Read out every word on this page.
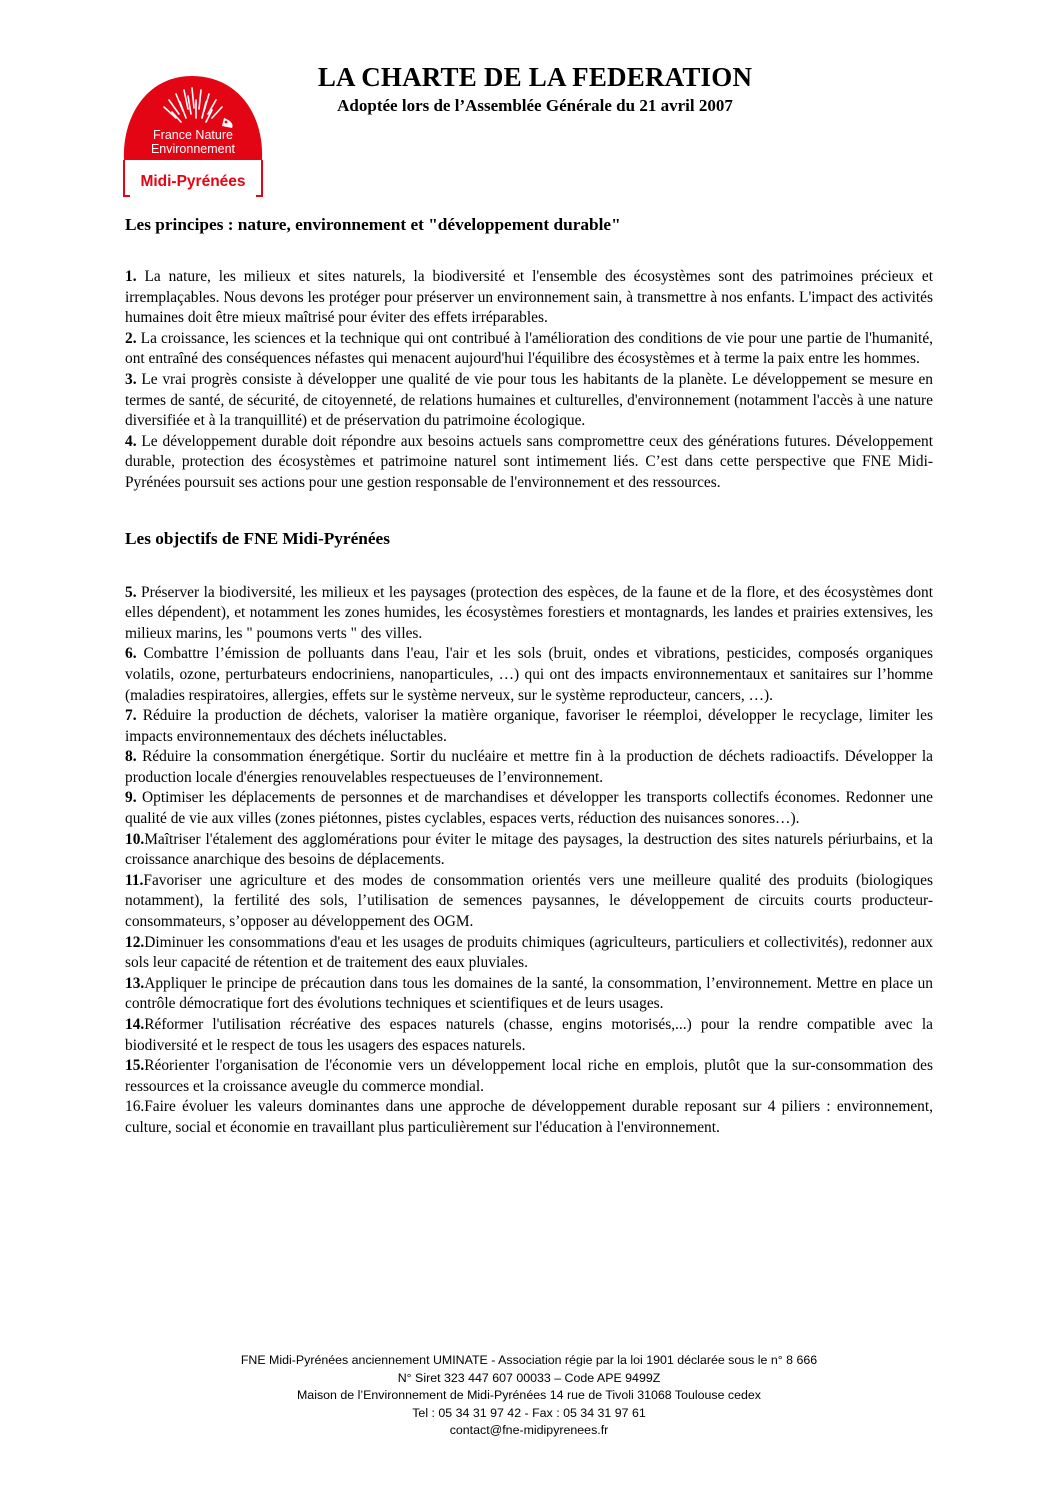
France Nature
Environnement
Midi-Pyrénées
LA CHARTE DE LA FEDERATION
Adoptée lors de l’Assemblée Générale du 21 avril 2007
Les principes : nature, environnement et "développement durable"

1. La nature, les milieux et sites naturels, la biodiversité et l'ensemble des écosystèmes sont des patrimoines précieux et irremplaçables. Nous devons les protéger pour préserver un environnement sain, à transmettre à nos enfants. L'impact des activités humaines doit être mieux maîtrisé pour éviter des effets irréparables.

2. La croissance, les sciences et la technique qui ont contribué à l'amélioration des conditions de vie pour une partie de l'humanité, ont entraîné des conséquences néfastes qui menacent aujourd'hui l'équilibre des écosystèmes et à terme la paix entre les hommes.

3. Le vrai progrès consiste à développer une qualité de vie pour tous les habitants de la planète. Le développement se mesure en termes de santé, de sécurité, de citoyenneté, de relations humaines et culturelles, d'environnement (notamment l'accès à une nature diversifiée et à la tranquillité) et de préservation du patrimoine écologique.

4. Le développement durable doit répondre aux besoins actuels sans compromettre ceux des générations futures. Développement durable, protection des écosystèmes et patrimoine naturel sont intimement liés. C’est dans cette perspective que FNE Midi-Pyrénées poursuit ses actions pour une gestion responsable de l'environnement et des ressources.

Les objectifs de FNE Midi-Pyrénées

5. Préserver la biodiversité, les milieux et les paysages (protection des espèces, de la faune et de la flore, et des écosystèmes dont elles dépendent), et notamment les zones humides, les écosystèmes forestiers et montagnards, les landes et prairies extensives, les milieux marins, les " poumons verts " des villes.

6. Combattre l’émission de polluants dans l'eau, l'air et les sols (bruit, ondes et vibrations, pesticides, composés organiques volatils, ozone, perturbateurs endocriniens, nanoparticules, …) qui ont des impacts environnementaux et sanitaires sur l’homme (maladies respiratoires, allergies, effets sur le système nerveux, sur le système reproducteur, cancers, …).

7. Réduire la production de déchets, valoriser la matière organique, favoriser le réemploi, développer le recyclage, limiter les impacts environnementaux des déchets inéluctables.

8. Réduire la consommation énergétique. Sortir du nucléaire et mettre fin à la production de déchets radioactifs. Développer la production locale d'énergies renouvelables respectueuses de l’environnement.

9. Optimiser les déplacements de personnes et de marchandises et développer les transports collectifs économes. Redonner une qualité de vie aux villes (zones piétonnes, pistes cyclables, espaces verts, réduction des nuisances sonores…).

10.Maîtriser l'étalement des agglomérations pour éviter le mitage des paysages, la destruction des sites naturels périurbains, et la croissance anarchique des besoins de déplacements.

11.Favoriser une agriculture et des modes de consommation orientés vers une meilleure qualité des produits (biologiques notamment), la fertilité des sols, l’utilisation de semences paysannes, le développement de circuits courts producteur-consommateurs, s’opposer au développement des OGM.

12.Diminuer les consommations d'eau et les usages de produits chimiques (agriculteurs, particuliers et collectivités), redonner aux sols leur capacité de rétention et de traitement des eaux pluviales.

13.Appliquer le principe de précaution dans tous les domaines de la santé, la consommation, l’environnement. Mettre en place un contrôle démocratique fort des évolutions techniques et scientifiques et de leurs usages.

14.Réformer l'utilisation récréative des espaces naturels (chasse, engins motorisés,...) pour la rendre compatible avec la biodiversité et le respect de tous les usagers des espaces naturels.

15.Réorienter l'organisation de l'économie vers un développement local riche en emplois, plutôt que la sur-consommation des ressources et la croissance aveugle du commerce mondial.

16.Faire évoluer les valeurs dominantes dans une approche de développement durable reposant sur 4 piliers : environnement, culture, social et économie en travaillant plus particulièrement sur l'éducation à l'environnement.

FNE Midi-Pyrénées anciennement UMINATE - Association régie par la loi 1901 déclarée sous le n° 8 666
N° Siret 323 447 607 00033 – Code APE 9499Z
Maison de l’Environnement de Midi-Pyrénées 14 rue de Tivoli 31068 Toulouse cedex
Tel : 05 34 31 97 42 - Fax : 05 34 31 97 61
contact@fne-midipyrenees.fr
